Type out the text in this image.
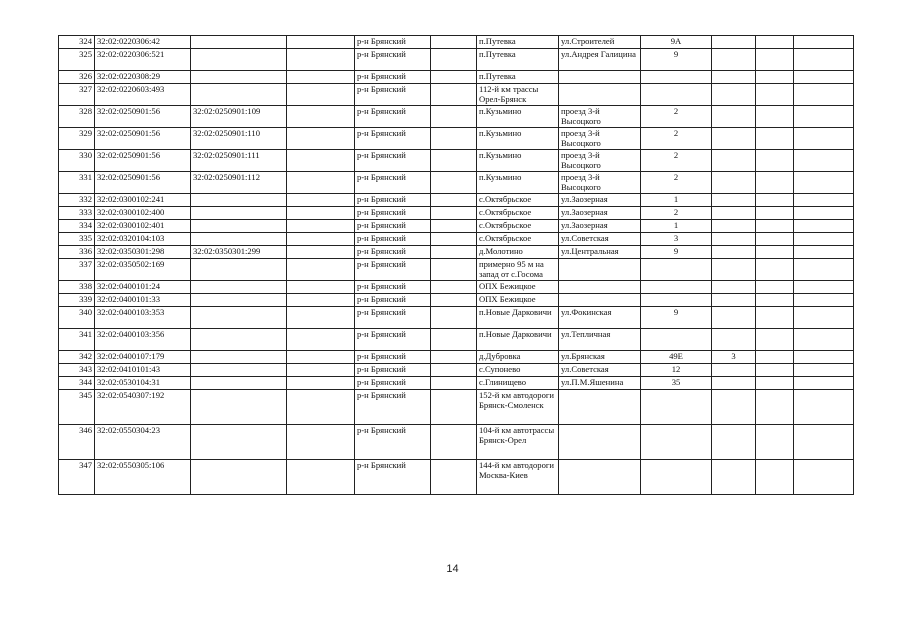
324	32:02:0220306:42			р-н Брянский		п.Путевка	ул.Строителей	9А			
325	32:02:0220306:521			р-н Брянский		п.Путевка	ул.Андрея Галицина	9			
326	32:02:0220308:29			р-н Брянский		п.Путевка					
327	32:02:0220603:493			р-н Брянский		112-й км трассы Орел-Брянск					
328	32:02:0250901:56	32:02:0250901:109		р-н Брянский		п.Кузьмино	проезд 3-й Высоцкого	2			
329	32:02:0250901:56	32:02:0250901:110		р-н Брянский		п.Кузьмино	проезд 3-й Высоцкого	2			
330	32:02:0250901:56	32:02:0250901:111		р-н Брянский		п.Кузьмино	проезд 3-й Высоцкого	2			
331	32:02:0250901:56	32:02:0250901:112		р-н Брянский		п.Кузьмино	проезд 3-й Высоцкого	2			
332	32:02:0300102:241			р-н Брянский		с.Октябрьское	ул.Заозерная	1			
333	32:02:0300102:400			р-н Брянский		с.Октябрьское	ул.Заозерная	2			
334	32:02:0300102:401			р-н Брянский		с.Октябрьское	ул.Заозерная	1			
335	32:02:0320104:103			р-н Брянский		с.Октябрьское	ул.Советская	3			
336	32:02:0350301:298	32:02:0350301:299		р-н Брянский		д.Молотино	ул.Центральная	9			
337	32:02:0350502:169			р-н Брянский		примерно 95 м на запад от с.Госома					
338	32:02:0400101:24			р-н Брянский		ОПХ Бежицкое					
339	32:02:0400101:33			р-н Брянский		ОПХ Бежицкое					
340	32:02:0400103:353			р-н Брянский		п.Новые Дарковичи	ул.Фокинская	9			
341	32:02:0400103:356			р-н Брянский		п.Новые Дарковичи	ул.Тепличная				
342	32:02:0400107:179			р-н Брянский		д.Дубровка	ул.Брянская	49Е	3		
343	32:02:0410101:43			р-н Брянский		с.Супонево	ул.Советская	12			
344	32:02:0530104:31			р-н Брянский		с.Глинищево	ул.П.М.Яшенина	35			
345	32:02:0540307:192			р-н Брянский		152-й км автодороги Брянск-Смоленск					
346	32:02:0550304:23			р-н Брянский		104-й км автотрассы Брянск-Орел					
347	32:02:0550305:106			р-н Брянский		144-й км автодороги Москва-Киев					
14
